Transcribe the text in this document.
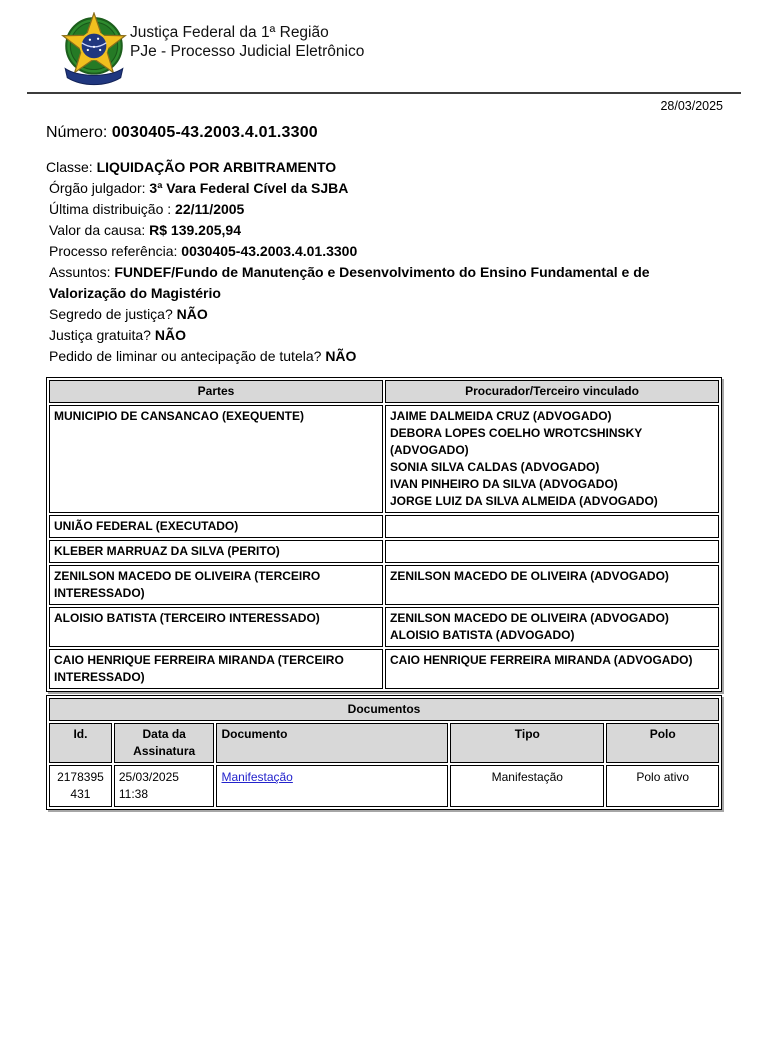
Justiça Federal da 1ª Região
PJe - Processo Judicial Eletrônico
28/03/2025
Número: 0030405-43.2003.4.01.3300
Classe: LIQUIDAÇÃO POR ARBITRAMENTO
Órgão julgador: 3ª Vara Federal Cível da SJBA
Última distribuição : 22/11/2005
Valor da causa: R$ 139.205,94
Processo referência: 0030405-43.2003.4.01.3300
Assuntos: FUNDEF/Fundo de Manutenção e Desenvolvimento do Ensino Fundamental e de Valorização do Magistério
Segredo de justiça? NÃO
Justiça gratuita? NÃO
Pedido de liminar ou antecipação de tutela? NÃO
Partes	Procurador/Terceiro vinculado
MUNICIPIO DE CANSANCAO (EXEQUENTE)	JAIME DALMEIDA CRUZ (ADVOGADO)
DEBORA LOPES COELHO WROTCSHINSKY (ADVOGADO)
SONIA SILVA CALDAS (ADVOGADO)
IVAN PINHEIRO DA SILVA (ADVOGADO)
JORGE LUIZ DA SILVA ALMEIDA (ADVOGADO)

UNIÃO FEDERAL (EXECUTADO)	
KLEBER MARRUAZ DA SILVA (PERITO)	
ZENILSON MACEDO DE OLIVEIRA (TERCEIRO INTERESSADO)	ZENILSON MACEDO DE OLIVEIRA (ADVOGADO)

ALOISIO BATISTA (TERCEIRO INTERESSADO)	ZENILSON MACEDO DE OLIVEIRA (ADVOGADO)
ALOISIO BATISTA (ADVOGADO)

CAIO HENRIQUE FERREIRA MIRANDA (TERCEIRO INTERESSADO)	CAIO HENRIQUE FERREIRA MIRANDA (ADVOGADO)
Documentos				
Id.	Data da Assinatura	Documento	Tipo	Polo
2178395431	25/03/2025 11:38	Manifestação	Manifestação	Polo ativo
